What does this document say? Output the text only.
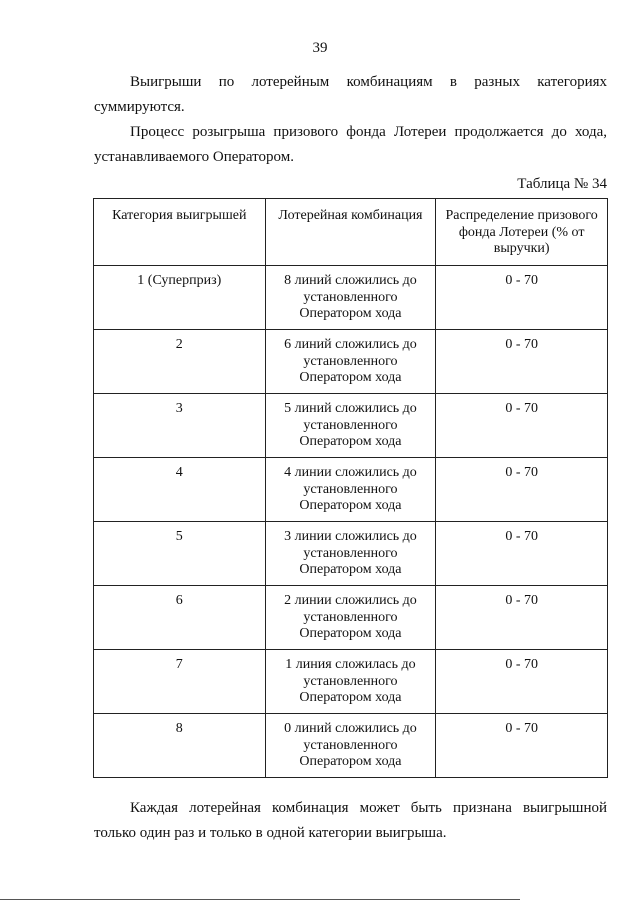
39

Выигрыши по лотерейным комбинациям в разных категориях суммируются.

Процесс розыгрыша призового фонда Лотереи продолжается до хода, устанавливаемого Оператором.

Таблица № 34
Категория выигрышей	Лотерейная комбинация	Распределение призового фонда Лотереи (% от выручки)
1 (Суперприз)	8 линий сложились до установленного Оператором хода	0 - 70
2	6 линий сложились до установленного Оператором хода	0 - 70
3	5 линий сложились до установленного Оператором хода	0 - 70
4	4 линии сложились до установленного Оператором хода	0 - 70
5	3 линии сложились до установленного Оператором хода	0 - 70
6	2 линии сложились до установленного Оператором хода	0 - 70
7	1 линия сложилась до установленного Оператором хода	0 - 70
8	0 линий сложились до установленного Оператором хода	0 - 70

Каждая лотерейная комбинация может быть признана выигрышной только один раз и только в одной категории выигрыша.
